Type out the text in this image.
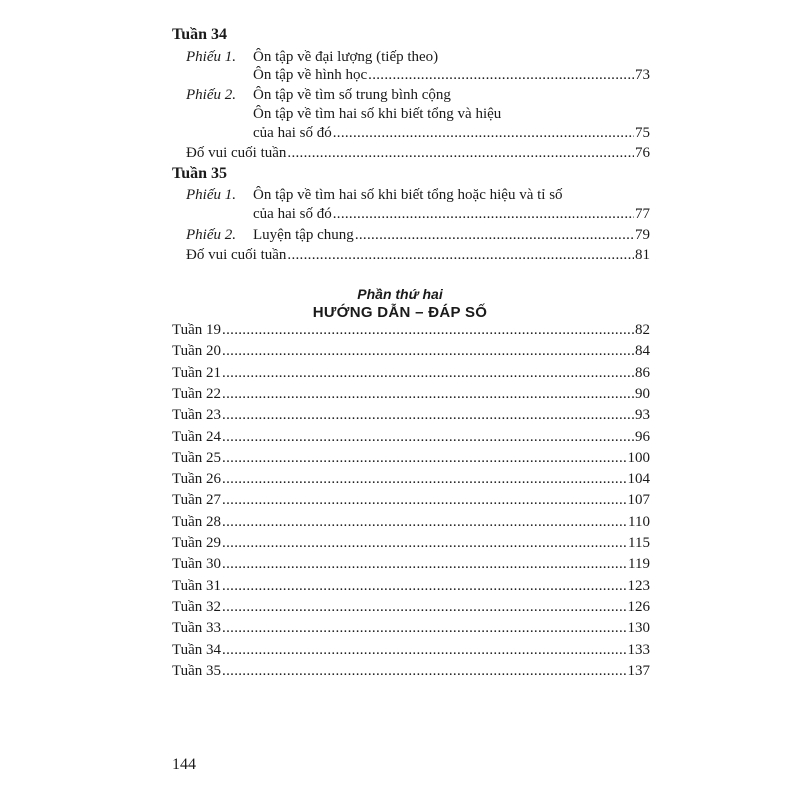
Tuần 34
Phiếu 1. Ôn tập về đại lượng (tiếp theo)
Ôn tập về hình học .....	73
Phiếu 2. Ôn tập về tìm số trung bình cộng
Ôn tập về tìm hai số khi biết tổng và hiệu
của hai số đó .....	75
Đố vui cuối tuần .....	76
Tuần 35
Phiếu 1. Ôn tập về tìm hai số khi biết tổng hoặc hiệu và tỉ số
của hai số đó .....	77
Phiếu 2. Luyện tập chung .....	79
Đố vui cuối tuần .....	81
Phần thứ hai
HƯỚNG DẪN – ĐÁP SỐ
Tuần 19 .....	82
Tuần 20 .....	84
Tuần 21 .....	86
Tuần 22 .....	90
Tuần 23 .....	93
Tuần 24 .....	96
Tuần 25 .....	100
Tuần 26 .....	104
Tuần 27 .....	107
Tuần 28 .....	110
Tuần 29 .....	115
Tuần 30 .....	119
Tuần 31 .....	123
Tuần 32 .....	126
Tuần 33 .....	130
Tuần 34 .....	133
Tuần 35 .....	137
144
